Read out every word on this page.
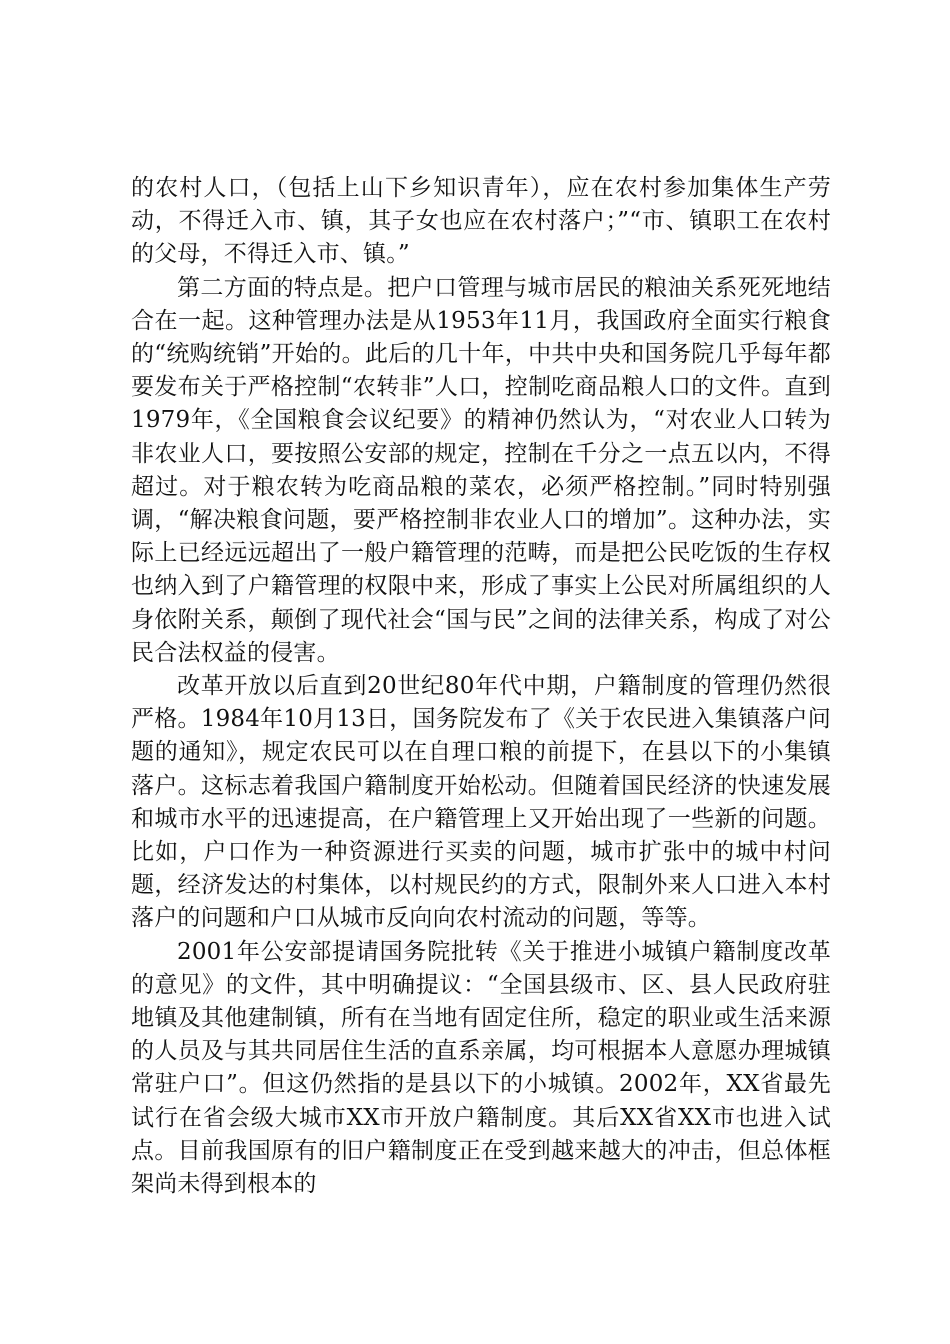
的农村人口，（包括上山下乡知识青年），应在农村参加集体生产劳动，不得迁入市、镇，其子女也应在农村落户；”“市、镇职工在农村的父母，不得迁入市、镇。”

第二方面的特点是。把户口管理与城市居民的粮油关系死死地结合在一起。这种管理办法是从1953年11月，我国政府全面实行粮食的“统购统销”开始的。此后的几十年，中共中央和国务院几乎每年都要发布关于严格控制“农转非”人口，控制吃商品粮人口的文件。直到1979年，《全国粮食会议纪要》的精神仍然认为，“对农业人口转为非农业人口，要按照公安部的规定，控制在千分之一点五以内，不得超过。对于粮农转为吃商品粮的菜农，必须严格控制。”同时特别强调，“解决粮食问题，要严格控制非农业人口的增加”。这种办法，实际上已经远远超出了一般户籍管理的范畴，而是把公民吃饭的生存权也纳入到了户籍管理的权限中来，形成了事实上公民对所属组织的人身依附关系，颠倒了现代社会“国与民”之间的法律关系，构成了对公民合法权益的侵害。

改革开放以后直到20世纪80年代中期，户籍制度的管理仍然很严格。1984年10月13日，国务院发布了《关于农民进入集镇落户问题的通知》，规定农民可以在自理口粮的前提下，在县以下的小集镇落户。这标志着我国户籍制度开始松动。但随着国民经济的快速发展和城市水平的迅速提高，在户籍管理上又开始出现了一些新的问题。比如，户口作为一种资源进行买卖的问题，城市扩张中的城中村问题，经济发达的村集体，以村规民约的方式，限制外来人口进入本村落户的问题和户口从城市反向向农村流动的问题，等等。

2001年公安部提请国务院批转《关于推进小城镇户籍制度改革的意见》的文件，其中明确提议：“全国县级市、区、县人民政府驻地镇及其他建制镇，所有在当地有固定住所，稳定的职业或生活来源的人员及与其共同居住生活的直系亲属，均可根据本人意愿办理城镇常驻户口”。但这仍然指的是县以下的小城镇。2002年，XX省最先试行在省会级大城市XX市开放户籍制度。其后XX省XX市也进入试点。目前我国原有的旧户籍制度正在受到越来越大的冲击，但总体框架尚未得到根本的
